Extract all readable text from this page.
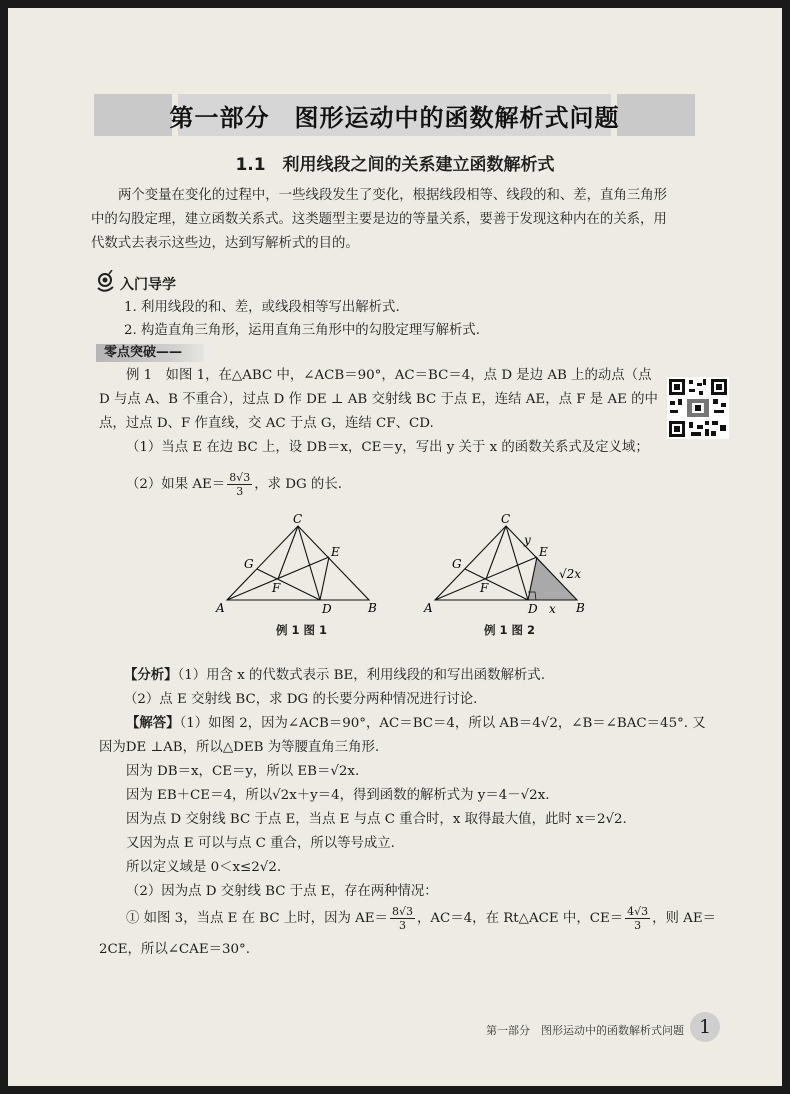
第一部分　图形运动中的函数解析式问题
1.1　利用线段之间的关系建立函数解析式

两个变量在变化的过程中，一些线段发生了变化，根据线段相等、线段的和、差，直角三角形

中的勾股定理，建立函数关系式。这类题型主要是边的等量关系，要善于发现这种内在的关系，用

代数式去表示这些边，达到写解析式的目的。

入门导学
1. 利用线段的和、差，或线段相等写出解析式.
2. 构造直角三角形，运用直角三角形中的勾股定理写解析式.
零点突破——

例 1　如图 1，在△ABC 中，∠ACB＝90°，AC＝BC＝4，点 D 是边 AB 上的动点（点

D 与点 A、B 不重合），过点 D 作 DE ⊥ AB 交射线 BC 于点 E，连结 AE，点 F 是 AE 的中

点，过点 D、F 作直线，交 AC 于点 G，连结 CF、CD.

（1）当点 E 在边 BC 上，设 DB＝x，CE＝y，写出 y 关于 x 的函数关系式及定义域；

（2）如果 $AE= \frac{8√3}{3}$ ，求 DG 的长.
C
A	B
D
E
F
G
例 1 图 1
C
A	B
D
E
F
G
y
x
√2x
例 1 图 2

【分析】（1）用含 x 的代数式表示 BE，利用线段的和写出函数解析式.

（2）点 E 交射线 BC，求 DG 的长要分两种情况进行讨论.

【解答】（1）如图 2，因为∠ACB＝90°，AC＝BC＝4，所以 AB＝4√2，∠B＝∠BAC＝45°. 又

因为DE ⊥AB，所以△DEB 为等腰直角三角形.

因为 DB＝x，CE＝y，所以 EB＝√2x.

因为 EB＋CE＝4，所以√2x＋y＝4，得到函数的解析式为 y＝4－√2x.

因为点 D 交射线 BC 于点 E，当点 E 与点 C 重合时，x 取得最大值，此时 x＝2√2.

又因为点 E 可以与点 C 重合，所以等号成立.

所以定义域是 0＜x≤2√2.

（2）因为点 D 交射线 BC 于点 E，存在两种情况：

① 如图 3，当点 E 在 BC 上时，因为 $AE= \frac{8√3}{3}$ ，AC＝4，在 Rt△ACE 中，$CE= \frac{4√3}{3}$ ，则 AE＝
2CE，所以∠CAE＝30°.
第一部分　图形运动中的函数解析式问题 1
